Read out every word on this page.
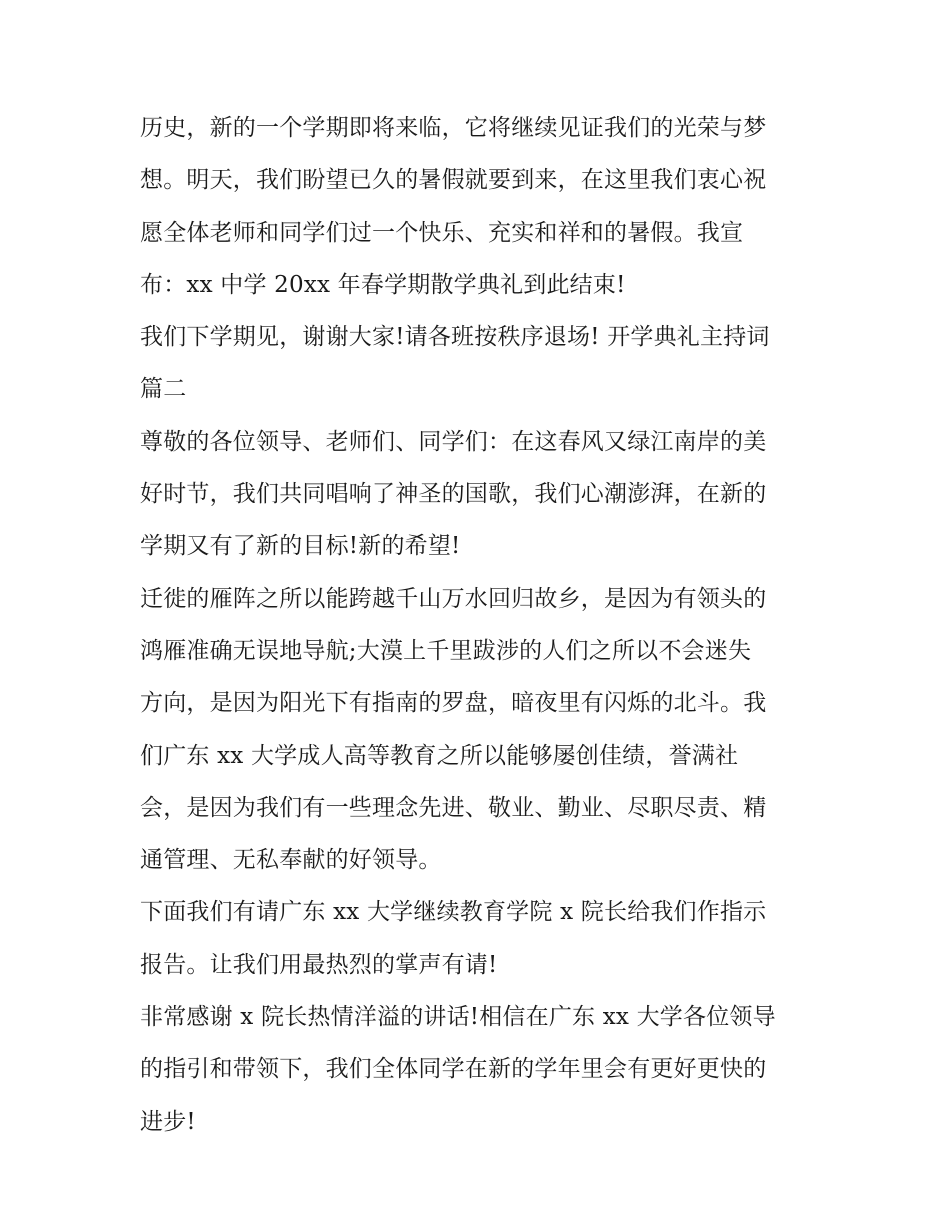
历史，新的一个学期即将来临，它将继续见证我们的光荣与梦
想。明天，我们盼望已久的暑假就要到来，在这里我们衷心祝
愿全体老师和同学们过一个快乐、充实和祥和的暑假。我宣
布：xx 中学 20xx 年春学期散学典礼到此结束!
我们下学期见，谢谢大家!请各班按秩序退场! 开学典礼主持词
篇二
尊敬的各位领导、老师们、同学们：在这春风又绿江南岸的美
好时节，我们共同唱响了神圣的国歌，我们心潮澎湃，在新的
学期又有了新的目标!新的希望!
迁徙的雁阵之所以能跨越千山万水回归故乡，是因为有领头的
鸿雁准确无误地导航;大漠上千里跋涉的人们之所以不会迷失
方向，是因为阳光下有指南的罗盘，暗夜里有闪烁的北斗。我
们广东 xx 大学成人高等教育之所以能够屡创佳绩，誉满社
会，是因为我们有一些理念先进、敬业、勤业、尽职尽责、精
通管理、无私奉献的好领导。
下面我们有请广东 xx 大学继续教育学院 x 院长给我们作指示
报告。让我们用最热烈的掌声有请!
非常感谢 x 院长热情洋溢的讲话!相信在广东 xx 大学各位领导
的指引和带领下，我们全体同学在新的学年里会有更好更快的
进步!
